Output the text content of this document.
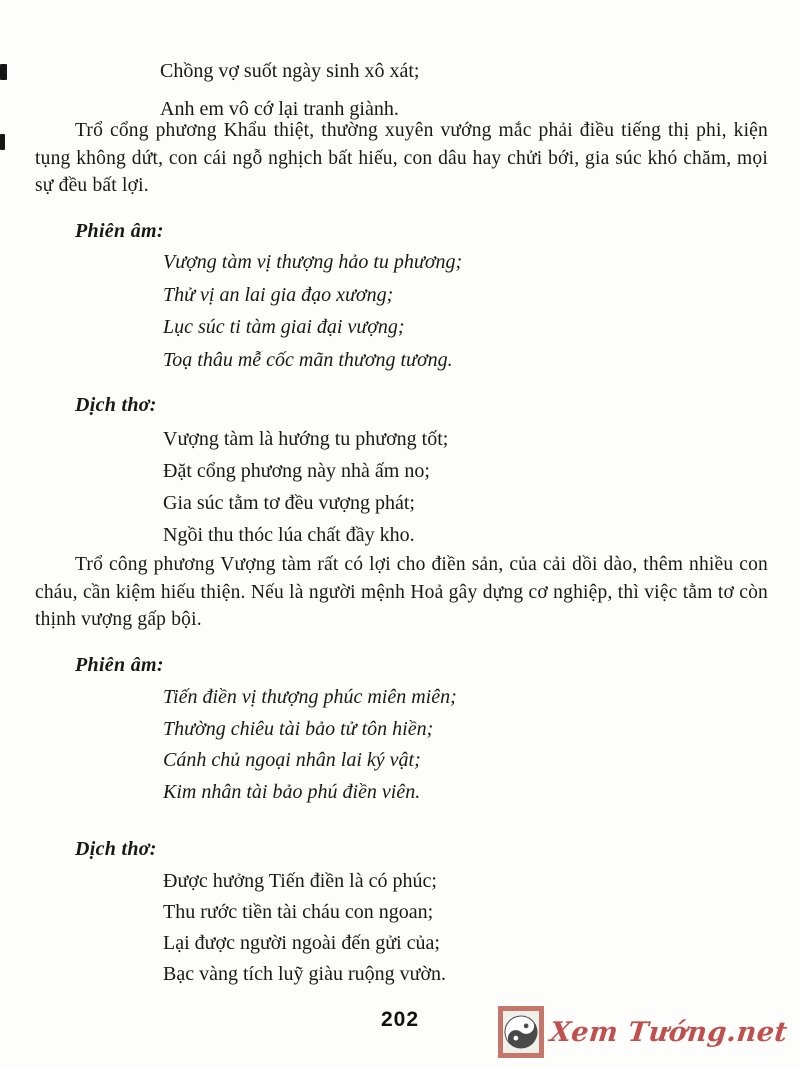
Chồng vợ suốt ngày sinh xô xát;
Anh em vô cớ lại tranh giành.
Trổ cổng phương Khẩu thiệt, thường xuyên vướng mắc phải điều tiếng thị phi, kiện tụng không dứt, con cái ngỗ nghịch bất hiếu, con dâu hay chửi bới, gia súc khó chăm, mọi sự đều bất lợi.
Phiên âm:
Vượng tàm vị thượng hảo tu phương;
Thử vị an lai gia đạo xương;
Lục súc ti tàm giai đại vượng;
Toạ thâu mễ cốc mãn thương tương.
Dịch thơ:
Vượng tàm là hướng tu phương tốt;
Đặt cổng phương này nhà ấm no;
Gia súc tằm tơ đều vượng phát;
Ngồi thu thóc lúa chất đầy kho.
Trổ công phương Vượng tàm rất có lợi cho điền sản, của cải dồi dào, thêm nhiều con cháu, cần kiệm hiếu thiện. Nếu là người mệnh Hoả gây dựng cơ nghiệp, thì việc tằm tơ còn thịnh vượng gấp bội.
Phiên âm:
Tiến điền vị thượng phúc miên miên;
Thường chiêu tài bảo tử tôn hiền;
Cánh chủ ngoại nhân lai ký vật;
Kim nhân tài bảo phú điền viên.
Dịch thơ:
Được hưởng Tiến điền là có phúc;
Thu rước tiền tài cháu con ngoan;
Lại được người ngoài đến gửi của;
Bạc vàng tích luỹ giàu ruộng vườn.
202	Xem Tướng.net
